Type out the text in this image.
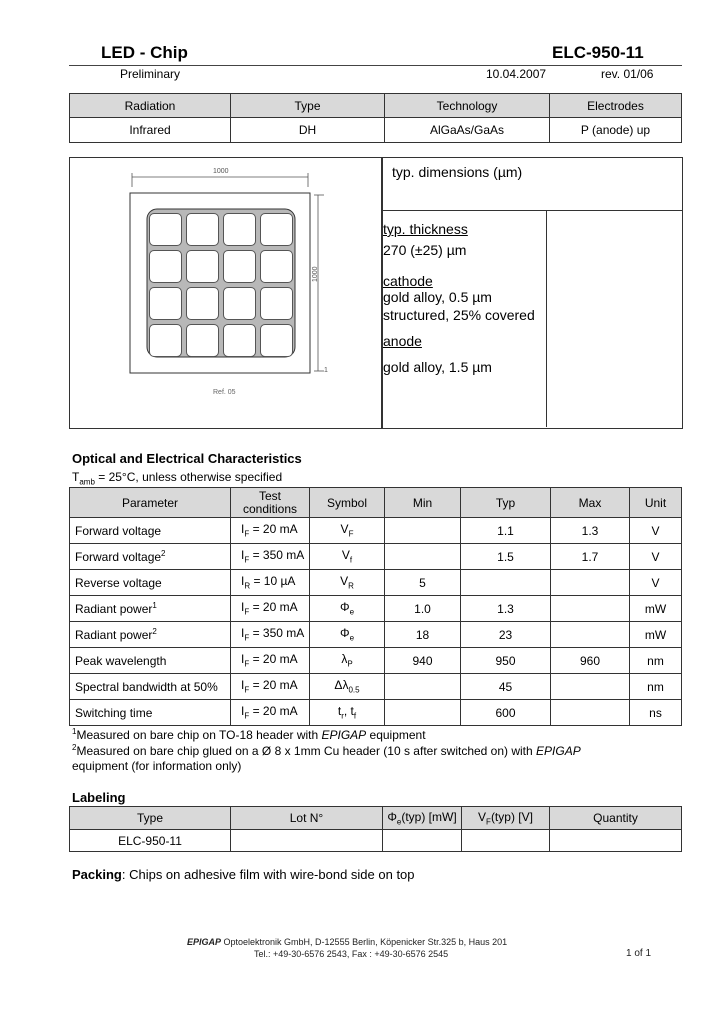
LED - Chip	ELC-950-11
Preliminary	10.04.2007	rev. 01/06
Radiation	Type	Technology	Electrodes
Infrared	DH	AlGaAs/GaAs	P (anode) up
1000
1000
1
Ref. 05
typ. dimensions (µm)
typ. thickness
270 (±25) µm
cathode
gold alloy, 0.5 µm
structured, 25% covered
anode
gold alloy, 1.5 µm
Optical and Electrical Characteristics
$T_{amb} = 25^\circ C$, unless otherwise specified
Parameter	Test conditions	Symbol	Min	Typ	Max	Unit
Forward voltage	$I_F = 20$ mA	$V_F$		1.1	1.3	V
Forward voltage$^2$	$I_F = 350$ mA	$V_f$		1.5	1.7	V
Reverse voltage	$I_R = 10$ µA	$V_R$	5			V
Radiant power$^1$	$I_F = 20$ mA	$\Phi_e$	1.0	1.3		mW
Radiant power$^2$	$I_F = 350$ mA	$\Phi_e$	18	23		mW
Peak wavelength	$I_F = 20$ mA	$\lambda_P$	940	950	960	nm
Spectral bandwidth at 50%	$I_F = 20$ mA	$\Delta\lambda_{0.5}$		45		nm
Switching time	$I_F = 20$ mA	$t_r$, $t_f$		600		ns
$^1$Measured on bare chip on TO-18 header with EPIGAP equipment
$^2$Measured on bare chip glued on a Ø 8 x 1mm Cu header (10 s after switched on) with EPIGAP
equipment (for information only)
Labeling
Type	Lot N°	$\Phi_e(typ)$ [mW]	$V_F(typ)$ [V]	Quantity
ELC-950-11				
Packing: Chips on adhesive film with wire-bond side on top
EPIGAP Optoelektronik GmbH, D-12555 Berlin, Köpenicker Str.325 b, Haus 201
Tel.: +49-30-6576 2543, Fax : +49-30-6576 2545	1 of 1
